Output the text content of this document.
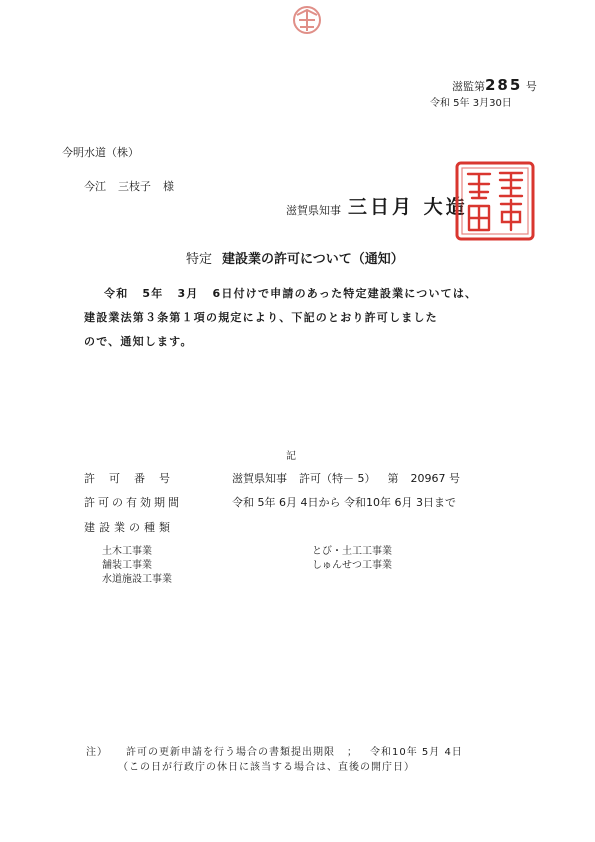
滋監第285 号
令和 5年 3月30日
今明水道（株）
今江 三枝子 様
滋賀県知事 三日月 大造
特定 建設業の許可について（通知）
令和 5年 3月 6日付けで申請のあった特定建設業については、
建設業法第３条第１項の規定により、下記のとおり許可しました
ので、通知します。
記
許可番号	滋賀県知事 許可（特－ 5） 第 20967 号
許可の有効期間	令和 5年 6月 4日から 令和10年 6月 3日まで
建設業の種類
土木工事業
舗装工事業
水道施設工事業
とび・土工工事業
しゅんせつ工事業
注） 許可の更新申請を行う場合の書類提出期限 ； 令和10年 5月 4日
（この日が行政庁の休日に該当する場合は、直後の開庁日）
